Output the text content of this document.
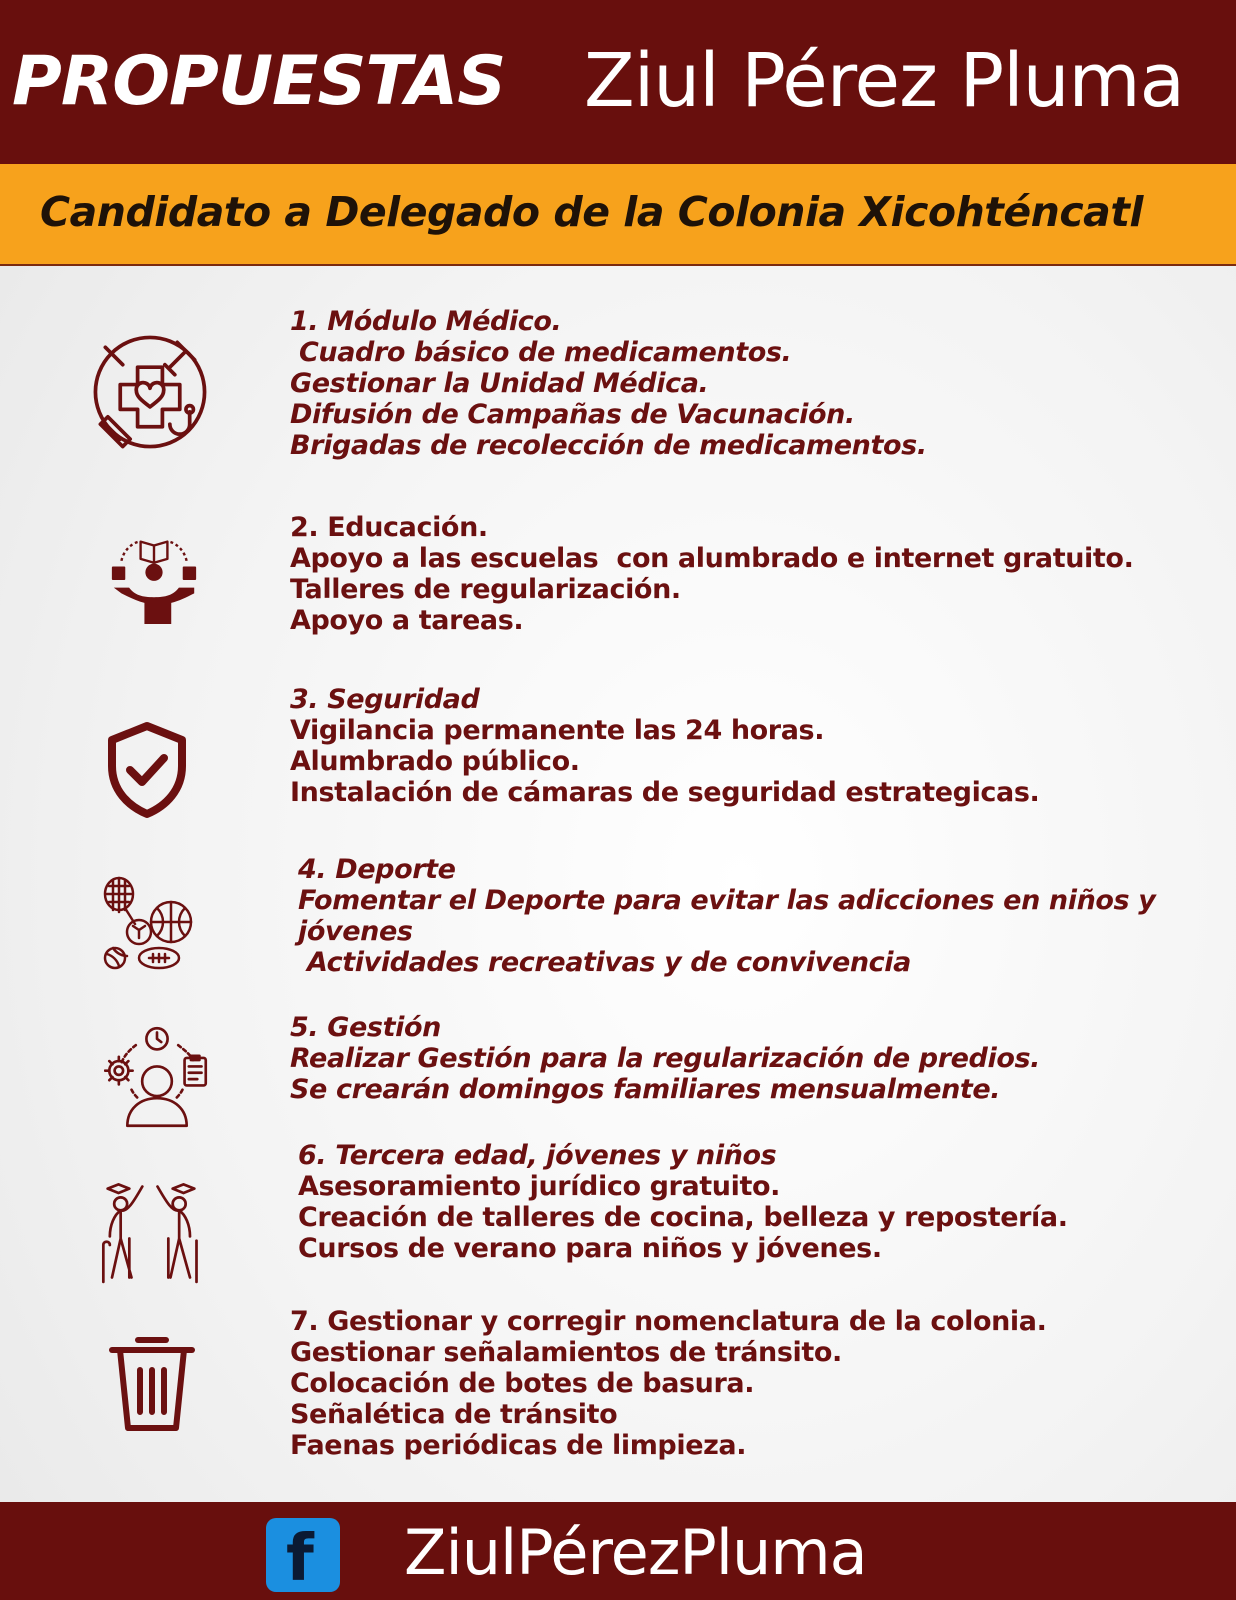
PROPUESTAS Ziul Pérez Pluma
Candidato a Delegado de la Colonia Xicohténcatl
1. Módulo Médico.
Cuadro básico de medicamentos.
Gestionar la Unidad Médica.
Difusión de Campañas de Vacunación.
Brigadas de recolección de medicamentos.
2. Educación.
Apoyo a las escuelas  con alumbrado e internet gratuito.
Talleres de regularización.
Apoyo a tareas.
3. Seguridad
Vigilancia permanente las 24 horas.
Alumbrado público.
Instalación de cámaras de seguridad estrategicas.
4. Deporte
Fomentar el Deporte para evitar las adicciones en niños y
jóvenes
Actividades recreativas y de convivencia
5. Gestión
Realizar Gestión para la regularización de predios.
Se crearán domingos familiares mensualmente.
6. Tercera edad, jóvenes y niños
Asesoramiento jurídico gratuito.
Creación de talleres de cocina, belleza y repostería.
Cursos de verano para niños y jóvenes.
7. Gestionar y corregir nomenclatura de la colonia.
Gestionar señalamientos de tránsito.
Colocación de botes de basura.
Señalética de tránsito
Faenas periódicas de limpieza.
f ZiulPérezPluma
